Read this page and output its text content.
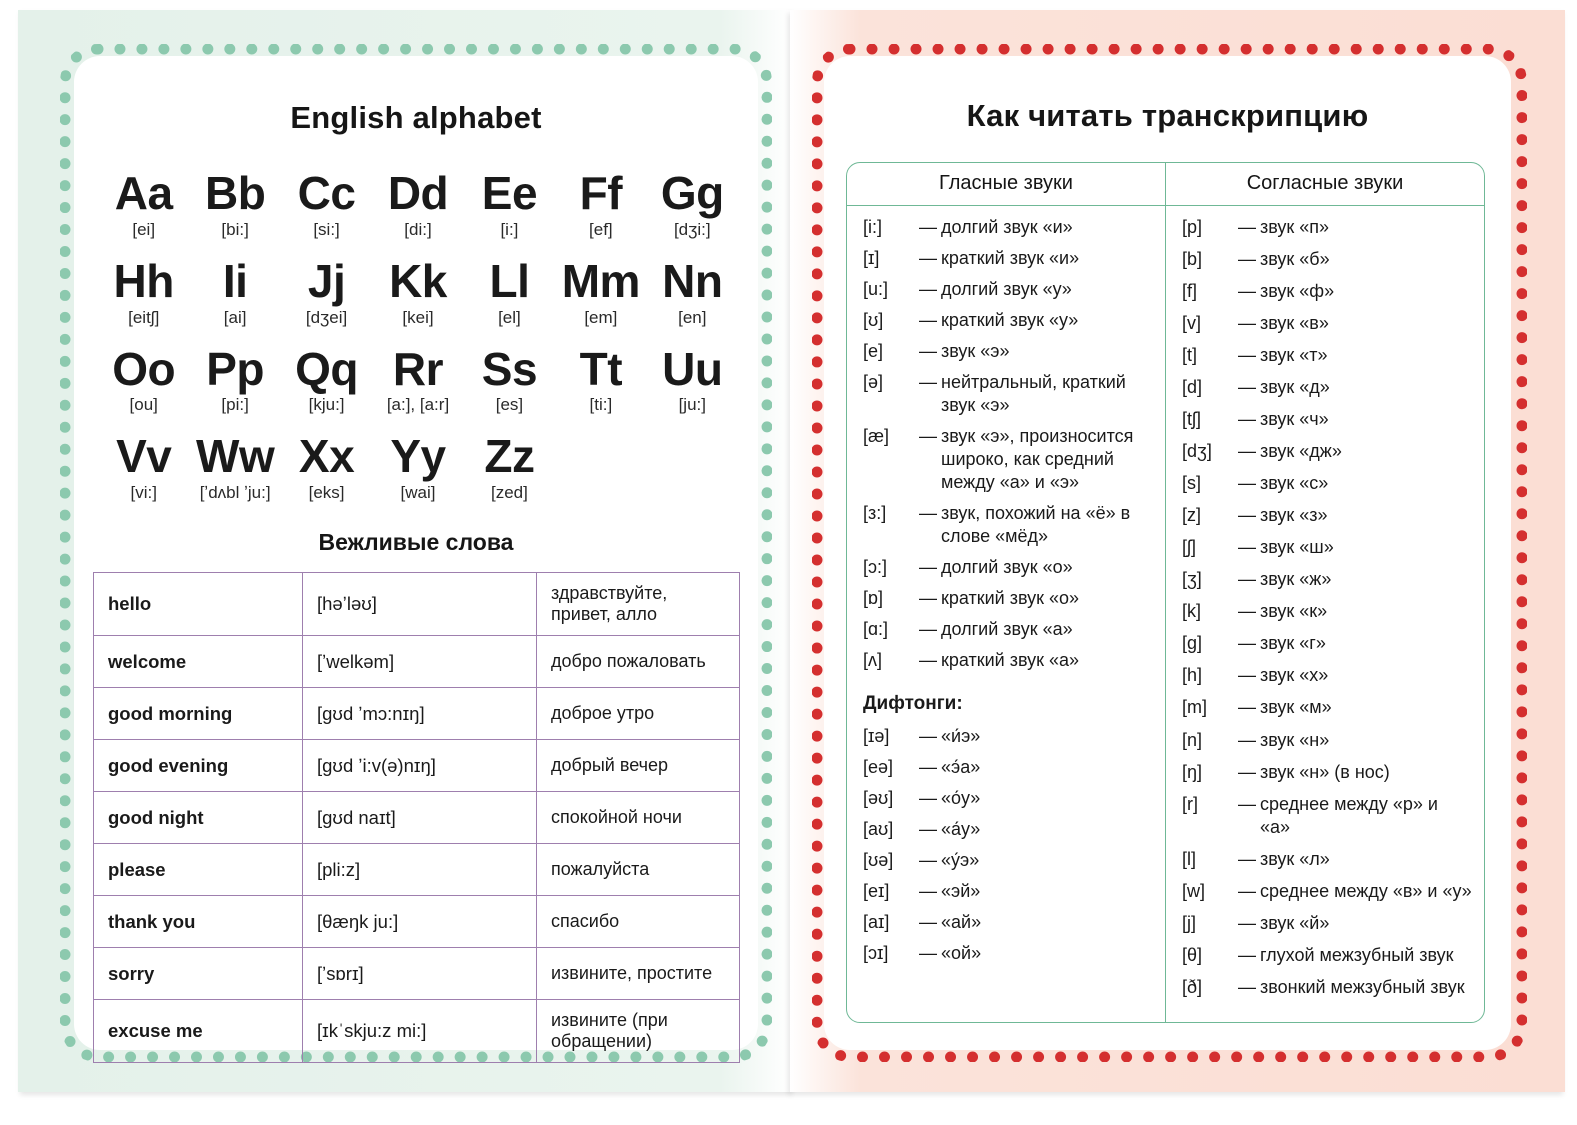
English alphabet
Aa
[ei]
Bb
[bi:]
Cc
[si:]
Dd
[di:]
Ee
[i:]
Ff
[ef]
Gg
[dʒi:]
Hh
[eitʃ]
Ii
[ai]
Jj
[dʒei]
Kk
[kei]
Ll
[el]
Mm
[em]
Nn
[en]
Oo
[ou]
Pp
[pi:]
Qq
[kju:]
Rr
[a:], [a:r]
Ss
[es]
Tt
[ti:]
Uu
[ju:]
Vv
[vi:]
Ww
[ʼdʌbl ʼju:]
Xx
[eks]
Yy
[wai]
Zz
[zed]
Вежливые слова
hello	[həʼləʊ]	здравствуйте, привет, алло
welcome	[ʼwelkəm]	добро пожаловать
good morning	[gʊd ʼmɔ:nɪŋ]	доброе утро
good evening	[gʊd ʼi:v(ə)nɪŋ]	добрый вечер
good night	[gʊd naɪt]	спокойной ночи
please	[pli:z]	пожалуйста
thank you	[θæŋk ju:]	спасибо
sorry	[ʼsɒrɪ]	извините, простите
excuse me	[ɪkˈskju:z mi:]	извините (при обращении)
Как читать транскрипцию
Гласные звуки	Согласные звуки
[i:]	— долгий звук «и»
[ɪ]	— краткий звук «и»
[u:]	— долгий звук «у»
[ʊ]	— краткий звук «у»
[e]	— звук «э»
[ə]	— нейтральный, краткий звук «э»
[æ]	— звук «э», произносится широко, как средний между «а» и «э»
[з:]	— звук, похожий на «ё» в слове «мёд»
[ɔ:]	— долгий звук «о»
[ɒ]	— краткий звук «о»
[ɑ:]	— долгий звук «а»
[ʌ]	— краткий звук «а»
Дифтонги:
[ɪə]	— «и́э»
[eə]	— «э́а»
[əʊ]	— «о́у»
[aʊ]	— «а́у»
[ʊə]	— «у́э»
[eɪ]	— «эй»
[aɪ]	— «ай»
[ɔɪ]	— «ой»
[p]	— звук «п»
[b]	— звук «б»
[f]	— звук «ф»
[v]	— звук «в»
[t]	— звук «т»
[d]	— звук «д»
[tʃ]	— звук «ч»
[dʒ]	— звук «дж»
[s]	— звук «с»
[z]	— звук «з»
[ʃ]	— звук «ш»
[ʒ]	— звук «ж»
[k]	— звук «к»
[g]	— звук «г»
[h]	— звук «х»
[m]	— звук «м»
[n]	— звук «н»
[ŋ]	— звук «н» (в нос)
[r]	— среднее между «р» и «а»
[l]	— звук «л»
[w]	— среднее между «в» и «у»
[j]	— звук «й»
[θ]	— глухой межзубный звук
[ð]	— звонкий межзубный звук
